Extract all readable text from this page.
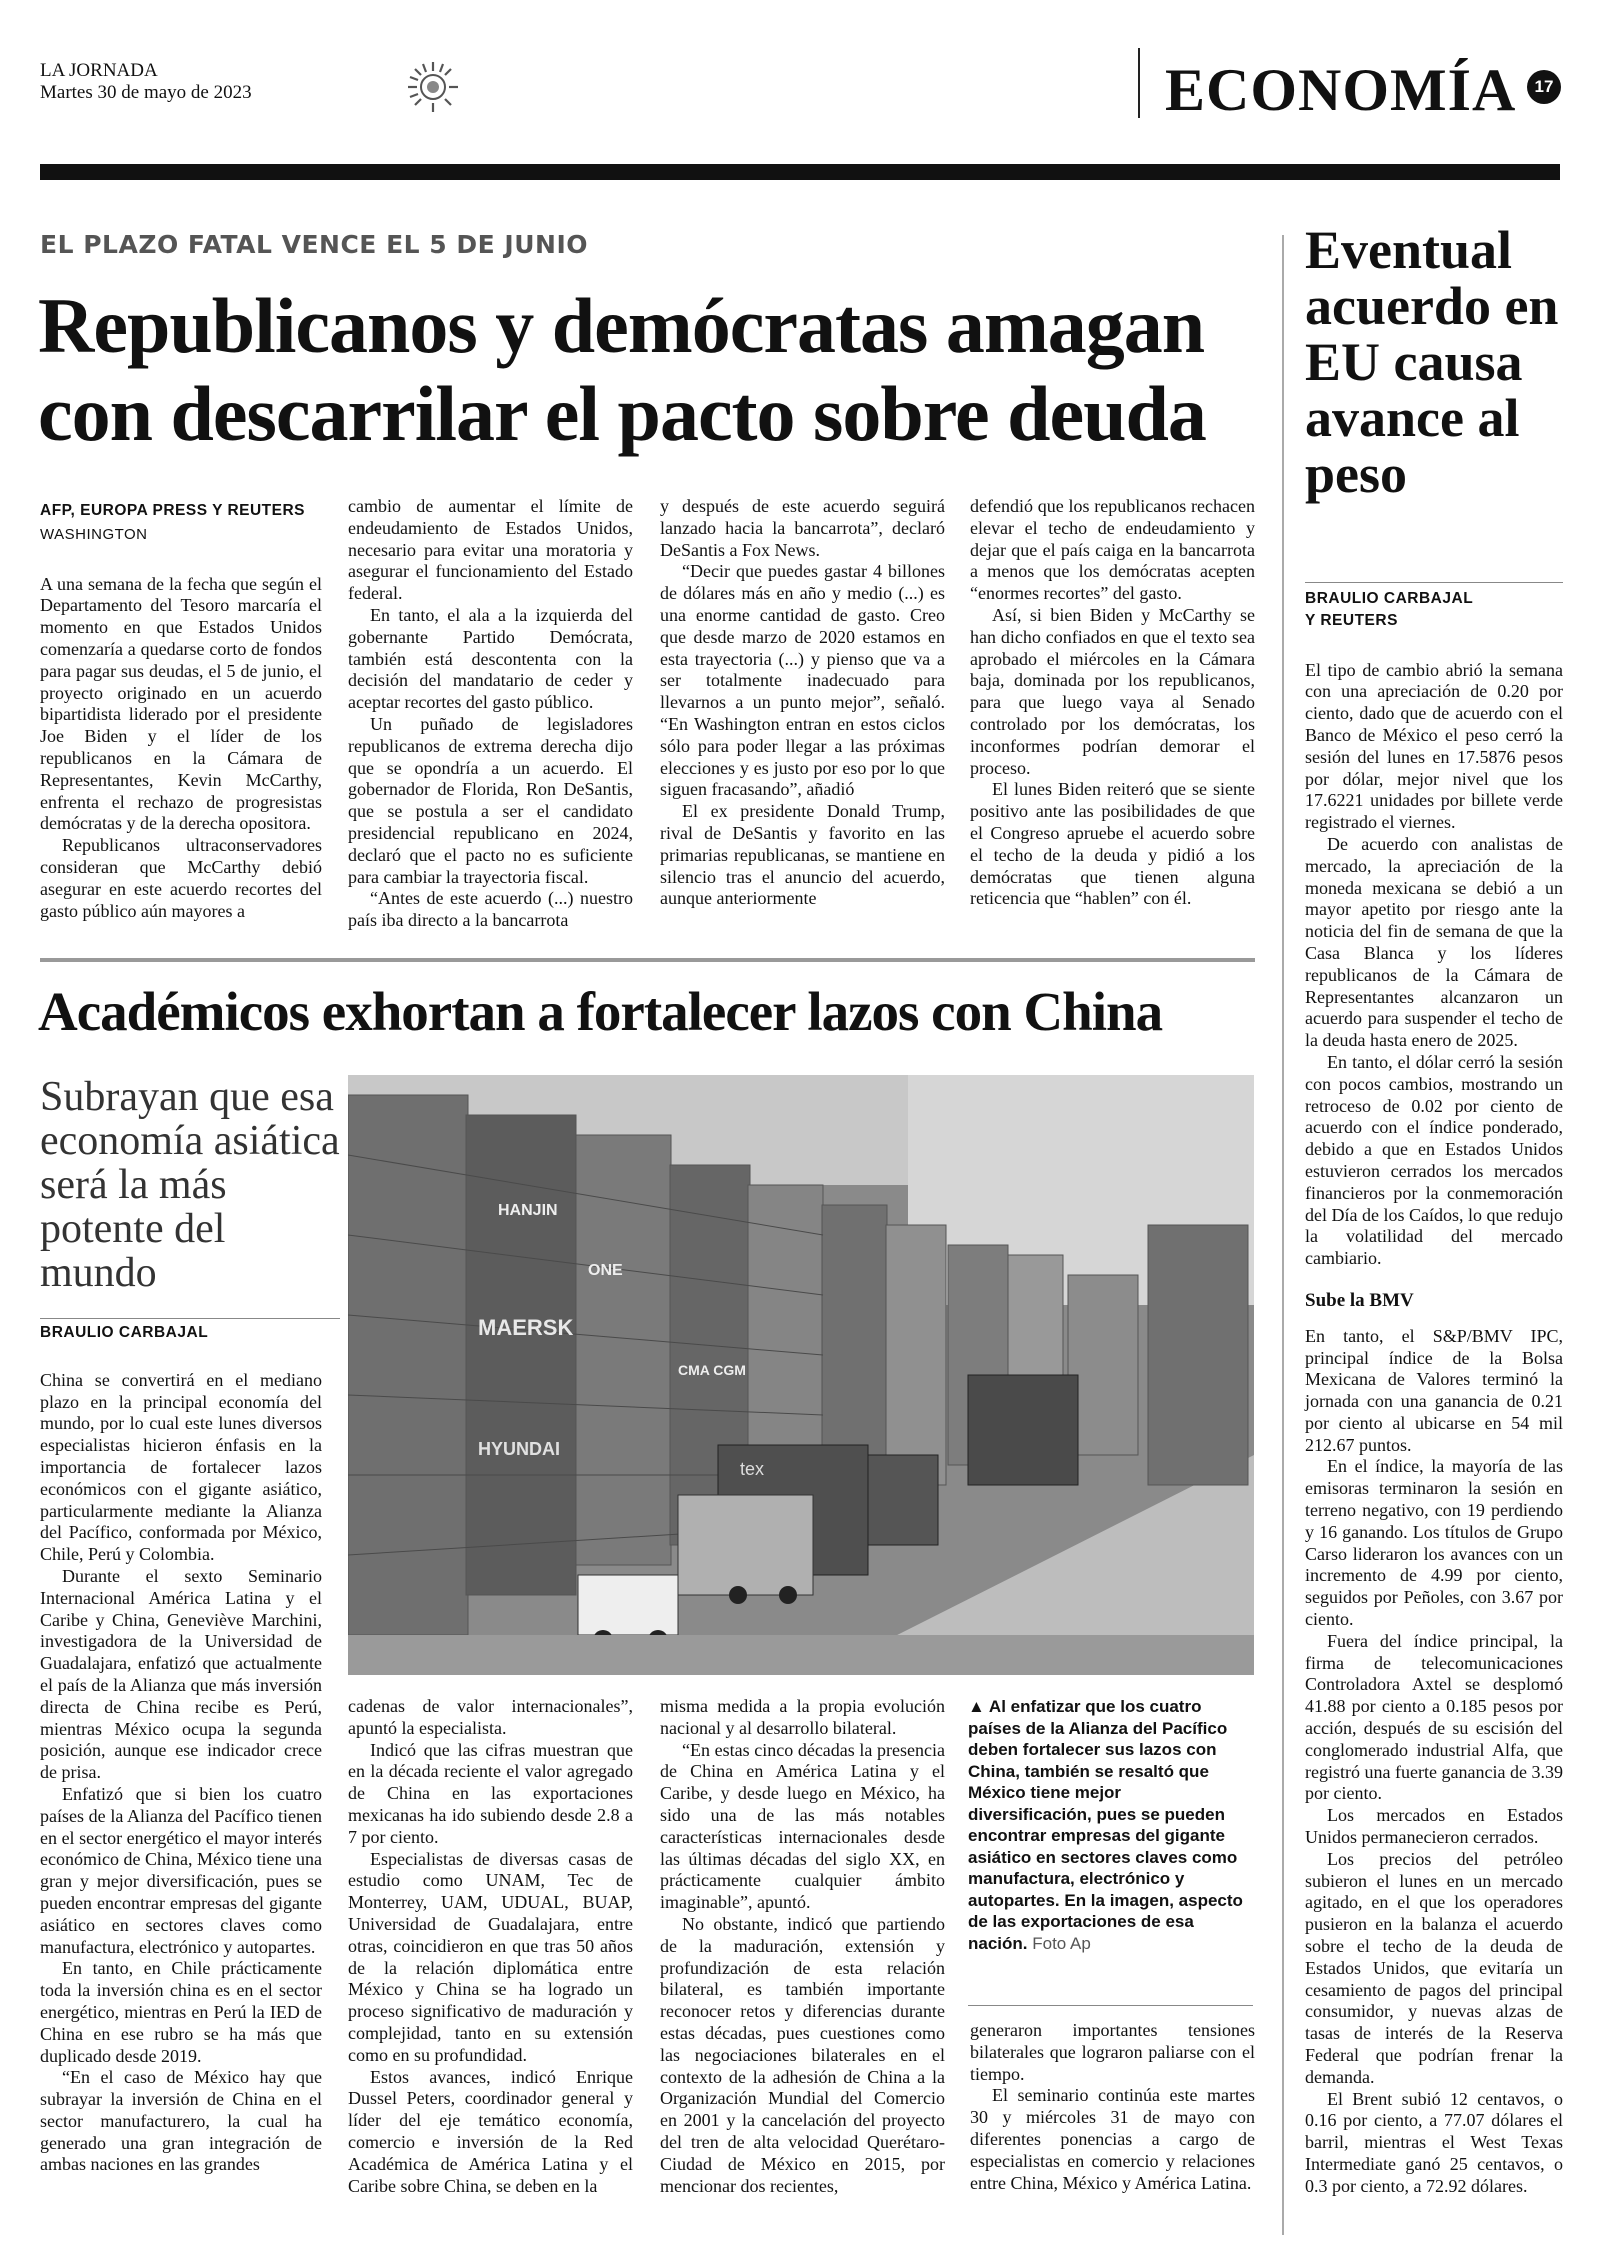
LA JORNADA
Martes 30 de mayo de 2023	ECONOMÍA	17
EL PLAZO FATAL VENCE EL 5 DE JUNIO
Republicanos y demócratas amagan
con descarrilar el pacto sobre deuda
AFP, EUROPA PRESS Y REUTERS
WASHINGTON

A una semana de la fecha que según el Departamento del Tesoro marcaría el momento en que Estados Unidos comenzaría a quedarse corto de fondos para pagar sus deudas, el 5 de junio, el proyecto originado en un acuerdo bipartidista liderado por el presidente Joe Biden y el líder de los republicanos en la Cámara de Representantes, Kevin McCarthy, enfrenta el rechazo de progresistas demócratas y de la derecha opositora.

Republicanos ultraconservadores consideran que McCarthy debió asegurar en este acuerdo recortes del gasto público aún mayores a

cambio de aumentar el límite de endeudamiento de Estados Unidos, necesario para evitar una moratoria y asegurar el funcionamiento del Estado federal.

En tanto, el ala a la izquierda del gobernante Partido Demócrata, también está descontenta con la decisión del mandatario de ceder y aceptar recortes del gasto público.

Un puñado de legisladores republicanos de extrema derecha dijo que se opondría a un acuerdo. El gobernador de Florida, Ron DeSantis, que se postula a ser el candidato presidencial republicano en 2024, declaró que el pacto no es suficiente para cambiar la trayectoria fiscal.

“Antes de este acuerdo (...) nuestro país iba directo a la bancarrota

y después de este acuerdo seguirá lanzado hacia la bancarrota”, declaró DeSantis a Fox News.

“Decir que puedes gastar 4 billones de dólares más en año y medio (...) es una enorme cantidad de gasto. Creo que desde marzo de 2020 estamos en esta trayectoria (...) y pienso que va a ser totalmente inadecuado para llevarnos a un punto mejor”, señaló. “En Washington entran en estos ciclos sólo para poder llegar a las próximas elecciones y es justo por eso por lo que siguen fracasando”, añadió

El ex presidente Donald Trump, rival de DeSantis y favorito en las primarias republicanas, se mantiene en silencio tras el anuncio del acuerdo, aunque anteriormente

defendió que los republicanos rechacen elevar el techo de endeudamiento y dejar que el país caiga en la bancarrota a menos que los demócratas acepten “enormes recortes” del gasto.

Así, si bien Biden y McCarthy se han dicho confiados en que el texto sea aprobado el miércoles en la Cámara baja, dominada por los republicanos, para que luego vaya al Senado controlado por los demócratas, los inconformes podrían demorar el proceso.

El lunes Biden reiteró que se siente positivo ante las posibilidades de que el Congreso apruebe el acuerdo sobre el techo de la deuda y pidió a los demócratas que tienen alguna reticencia que “hablen” con él.

Académicos exhortan a fortalecer lazos con China
Subrayan que esa economía asiática será la más potente del mundo
BRAULIO CARBAJAL

China se convertirá en el mediano plazo en la principal economía del mundo, por lo cual este lunes diversos especialistas hicieron énfasis en la importancia de fortalecer lazos económicos con el gigante asiático, particularmente mediante la Alianza del Pacífico, conformada por México, Chile, Perú y Colombia.

Durante el sexto Seminario Internacional América Latina y el Caribe y China, Geneviève Marchini, investigadora de la Universidad de Guadalajara, enfatizó que actualmente el país de la Alianza que más inversión directa de China recibe es Perú, mientras México ocupa la segunda posición, aunque ese indicador crece de prisa.

Enfatizó que si bien los cuatro países de la Alianza del Pacífico tienen en el sector energético el mayor interés económico de China, México tiene una gran y mejor diversificación, pues se pueden encontrar empresas del gigante asiático en sectores claves como manufactura, electrónico y autopartes.

En tanto, en Chile prácticamente toda la inversión china es en el sector energético, mientras en Perú la IED de China en ese rubro se ha más que duplicado desde 2019.

“En el caso de México hay que subrayar la inversión de China en el sector manufacturero, la cual ha generado una gran integración de ambas naciones en las grandes

MAERSK
HYUNDAI
ONE
HANJIN
CMA CGM
tex

cadenas de valor internacionales”, apuntó la especialista.

Indicó que las cifras muestran que en la década reciente el valor agregado de China en las exportaciones mexicanas ha ido subiendo desde 2.8 a 7 por ciento.

Especialistas de diversas casas de estudio como UNAM, Tec de Monterrey, UAM, UDUAL, BUAP, Universidad de Guadalajara, entre otras, coincidieron en que tras 50 años de la relación diplomática entre México y China se ha logrado un proceso significativo de maduración y complejidad, tanto en su extensión como en su profundidad.

Estos avances, indicó Enrique Dussel Peters, coordinador general y líder del eje temático economía, comercio e inversión de la Red Académica de América Latina y el Caribe sobre China, se deben en la

misma medida a la propia evolución nacional y al desarrollo bilateral.

“En estas cinco décadas la presencia de China en América Latina y el Caribe, y desde luego en México, ha sido una de las más notables características internacionales desde las últimas décadas del siglo XX, en prácticamente cualquier ámbito imaginable”, apuntó.

No obstante, indicó que partiendo de la maduración, extensión y profundización de esta relación bilateral, es también importante reconocer retos y diferencias durante estas décadas, pues cuestiones como las negociaciones bilaterales en el contexto de la adhesión de China a la Organización Mundial del Comercio en 2001 y la cancelación del proyecto del tren de alta velocidad Querétaro-Ciudad de México en 2015, por mencionar dos recientes,

▲ Al enfatizar que los cuatro países de la Alianza del Pacífico deben fortalecer sus lazos con China, también se resaltó que México tiene mejor diversificación, pues se pueden encontrar empresas del gigante asiático en sectores claves como manufactura, electrónico y autopartes. En la imagen, aspecto de las exportaciones de esa nación. Foto Ap

generaron importantes tensiones bilaterales que lograron paliarse con el tiempo.

El seminario continúa este martes 30 y miércoles 31 de mayo con diferentes ponencias a cargo de especialistas en comercio y relaciones entre China, México y América Latina.

Eventual acuerdo en EU causa avance al peso
BRAULIO CARBAJAL
Y REUTERS

El tipo de cambio abrió la semana con una apreciación de 0.20 por ciento, dado que de acuerdo con el Banco de México el peso cerró la sesión del lunes en 17.5876 pesos por dólar, mejor nivel que los 17.6221 unidades por billete verde registrado el viernes.

De acuerdo con analistas de mercado, la apreciación de la moneda mexicana se debió a un mayor apetito por riesgo ante la noticia del fin de semana de que la Casa Blanca y los líderes republicanos de la Cámara de Representantes alcanzaron un acuerdo para suspender el techo de la deuda hasta enero de 2025.

En tanto, el dólar cerró la sesión con pocos cambios, mostrando un retroceso de 0.02 por ciento de acuerdo con el índice ponderado, debido a que en Estados Unidos estuvieron cerrados los mercados financieros por la conmemoración del Día de los Caídos, lo que redujo la volatilidad del mercado cambiario.

Sube la BMV

En tanto, el S&P/BMV IPC, principal índice de la Bolsa Mexicana de Valores terminó la jornada con una ganancia de 0.21 por ciento al ubicarse en 54 mil 212.67 puntos.

En el índice, la mayoría de las emisoras terminaron la sesión en terreno negativo, con 19 perdiendo y 16 ganando. Los títulos de Grupo Carso lideraron los avances con un incremento de 4.99 por ciento, seguidos por Peñoles, con 3.67 por ciento.

Fuera del índice principal, la firma de telecomunicaciones Controladora Axtel se desplomó 41.88 por ciento a 0.185 pesos por acción, después de su escisión del conglomerado industrial Alfa, que registró una fuerte ganancia de 3.39 por ciento.

Los mercados en Estados Unidos permanecieron cerrados.

Los precios del petróleo subieron el lunes en un mercado agitado, en el que los operadores pusieron en la balanza el acuerdo sobre el techo de la deuda de Estados Unidos, que evitaría un cesamiento de pagos del principal consumidor, y nuevas alzas de tasas de interés de la Reserva Federal que podrían frenar la demanda.

El Brent subió 12 centavos, o 0.16 por ciento, a 77.07 dólares el barril, mientras el West Texas Intermediate ganó 25 centavos, o 0.3 por ciento, a 72.92 dólares.
